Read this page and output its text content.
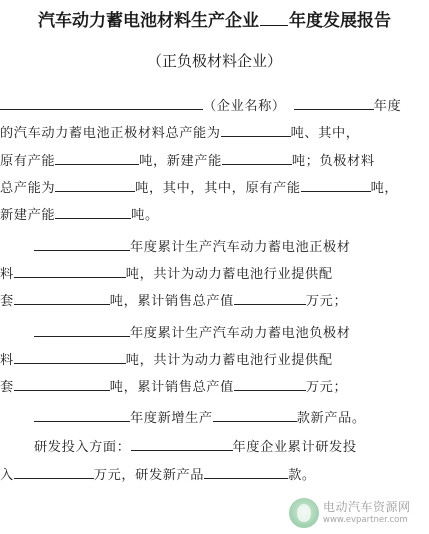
汽车动力蓄电池材料生产企业 年度发展报告
（正负极材料企业）
（企业名称）	年度
的汽车动力蓄电池正极材料总产能为	吨、其中，
原有产能	吨，新建产能	吨；负极材料
总产能为	吨，其中，其中，原有产能	吨，
新建产能	吨。
年度累计生产汽车动力蓄电池正极材
料	吨，共计为动力蓄电池行业提供配
套	吨，累计销售总产值	万元；
年度累计生产汽车动力蓄电池负极材
料	吨，共计为动力蓄电池行业提供配
套	吨，累计销售总产值	万元；
年度新增生产	款新产品。
研发投入方面：	年度企业累计研发投
入	万元，研发新产品	款。
电动汽车资源网
www.evpartner.com
